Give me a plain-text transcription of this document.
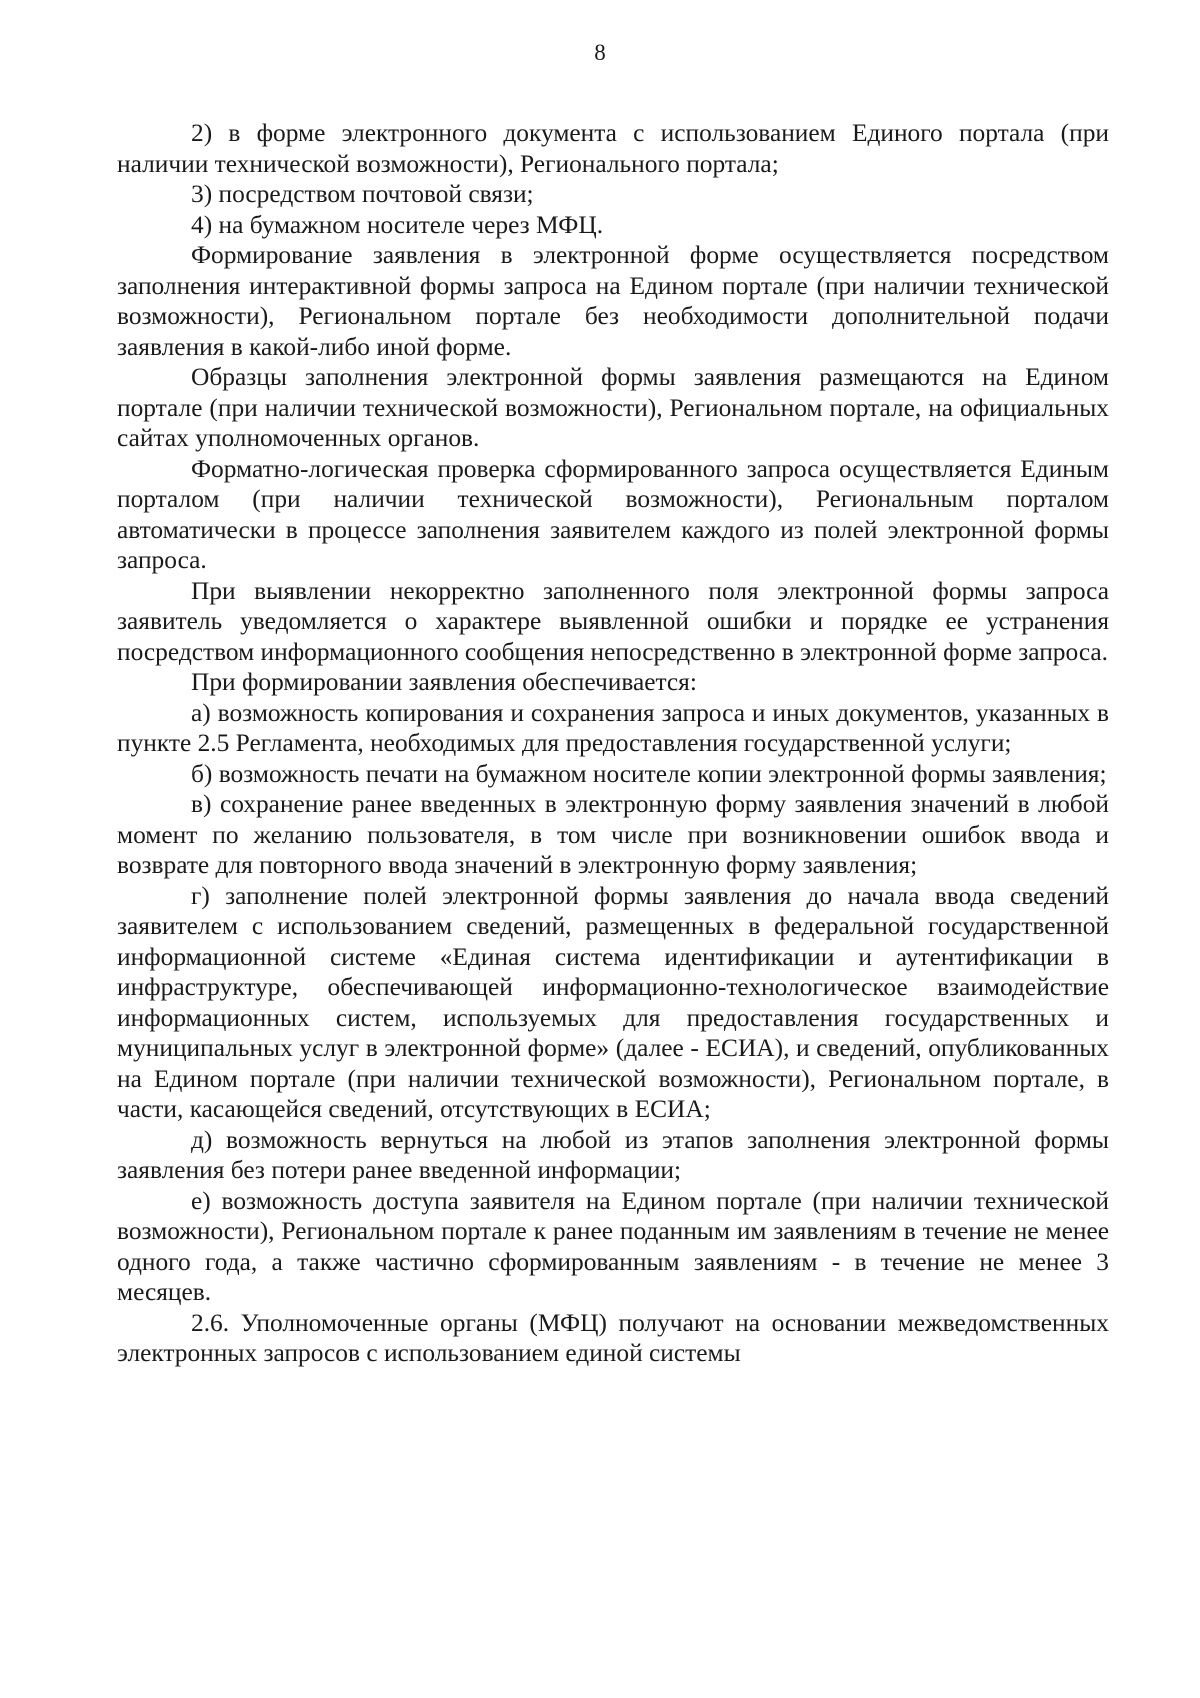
8

2) в форме электронного документа с использованием Единого портала (при наличии технической возможности), Регионального портала;

3) посредством почтовой связи;

4) на бумажном носителе через МФЦ.

Формирование заявления в электронной форме осуществляется посредством заполнения интерактивной формы запроса на Едином портале (при наличии технической возможности), Региональном портале без необходимости дополнительной подачи заявления в какой-либо иной форме.

Образцы заполнения электронной формы заявления размещаются на Едином портале (при наличии технической возможности), Региональном портале, на официальных сайтах уполномоченных органов.

Форматно-логическая проверка сформированного запроса осуществляется Единым порталом (при наличии технической возможности), Региональным порталом автоматически в процессе заполнения заявителем каждого из полей электронной формы запроса.

При выявлении некорректно заполненного поля электронной формы запроса заявитель уведомляется о характере выявленной ошибки и порядке ее устранения посредством информационного сообщения непосредственно в электронной форме запроса.

При формировании заявления обеспечивается:

а) возможность копирования и сохранения запроса и иных документов, указанных в пункте 2.5 Регламента, необходимых для предоставления государственной услуги;

б) возможность печати на бумажном носителе копии электронной формы заявления;

в) сохранение ранее введенных в электронную форму заявления значений в любой момент по желанию пользователя, в том числе при возникновении ошибок ввода и возврате для повторного ввода значений в электронную форму заявления;

г) заполнение полей электронной формы заявления до начала ввода сведений заявителем с использованием сведений, размещенных в федеральной государственной информационной системе «Единая система идентификации и аутентификации в инфраструктуре, обеспечивающей информационно-технологическое взаимодействие информационных систем, используемых для предоставления государственных и муниципальных услуг в электронной форме» (далее - ЕСИА), и сведений, опубликованных на Едином портале (при наличии технической возможности), Региональном портале, в части, касающейся сведений, отсутствующих в ЕСИА;

д) возможность вернуться на любой из этапов заполнения электронной формы заявления без потери ранее введенной информации;

е) возможность доступа заявителя на Едином портале (при наличии технической возможности), Региональном портале к ранее поданным им заявлениям в течение не менее одного года, а также частично сформированным заявлениям - в течение не менее 3 месяцев.

2.6. Уполномоченные органы (МФЦ) получают на основании межведомственных электронных запросов с использованием единой системы
